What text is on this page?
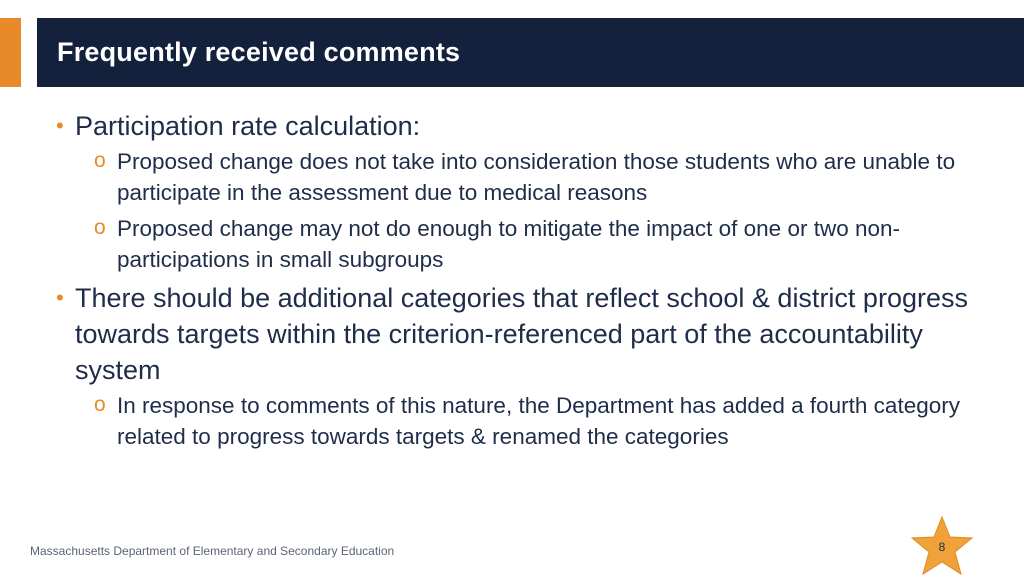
Frequently received comments
• Participation rate calculation:
o Proposed change does not take into consideration those students who are unable to participate in the assessment due to medical reasons
o Proposed change may not do enough to mitigate the impact of one or two non-participations in small subgroups
• There should be additional categories that reflect school & district progress towards targets within the criterion-referenced part of the accountability system
o In response to comments of this nature, the Department has added a fourth category related to progress towards targets & renamed the categories
Massachusetts Department of Elementary and Secondary Education	8
